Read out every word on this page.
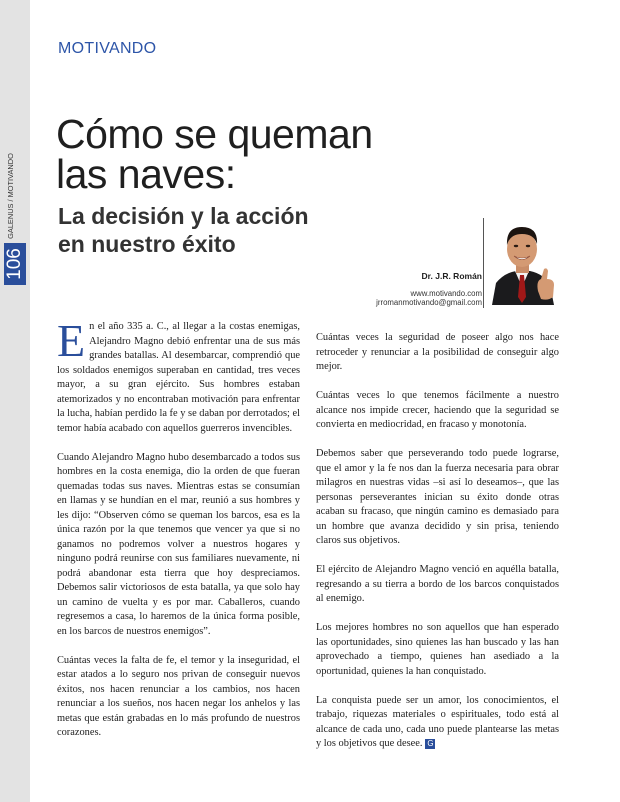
GALENUS / MOTIVANDO
106
MOTIVANDO
Cómo se queman
las naves:
La decisión y la acción
en nuestro éxito
Dr. J.R. Román
www.motivando.com
jrromanmotivando@gmail.com

En el año 335 a. C., al llegar a la costas enemigas, Alejandro Magno debió enfrentar una de sus más grandes batallas. Al desembarcar, comprendió que los soldados enemigos superaban en cantidad, tres veces mayor, a su gran ejército. Sus hombres estaban atemorizados y no encontraban motivación para enfrentar la lucha, habían perdido la fe y se daban por derrotados; el temor había acabado con aquellos guerreros invencibles.

Cuando Alejandro Magno hubo desembarcado a todos sus hombres en la costa enemiga, dio la orden de que fueran quemadas todas sus naves. Mientras estas se consumían en llamas y se hundían en el mar, reunió a sus hombres y les dijo: “Observen cómo se queman los barcos, esa es la única razón por la que tenemos que vencer ya que si no ganamos no podremos volver a nuestros hogares y ninguno podrá reunirse con sus familiares nuevamente, ni podrá abandonar esta tierra que hoy despreciamos. Debemos salir victoriosos de esta batalla, ya que solo hay un camino de vuelta y es por mar. Caballeros, cuando regresemos a casa, lo haremos de la única forma posible, en los barcos de nuestros enemigos”.

Cuántas veces la falta de fe, el temor y la inseguridad, el estar atados a lo seguro nos privan de conseguir nuevos éxitos, nos hacen renunciar a los cambios, nos hacen renunciar a los sueños, nos hacen negar los anhelos y las metas que están grabadas en lo más profundo de nuestros corazones.

Cuántas veces la seguridad de poseer algo nos hace retroceder y renunciar a la posibilidad de conseguir algo mejor.

Cuántas veces lo que tenemos fácilmente a nuestro alcance nos impide crecer, haciendo que la seguridad se convierta en mediocridad, en fracaso y monotonía.

Debemos saber que perseverando todo puede lograrse, que el amor y la fe nos dan la fuerza necesaria para obrar milagros en nuestras vidas –si así lo deseamos–, que las personas perseverantes inician su éxito donde otras acaban su fracaso, que ningún camino es demasiado para un hombre que avanza decidido y sin prisa, teniendo claros sus objetivos.

El ejército de Alejandro Magno venció en aquélla batalla, regresando a su tierra a bordo de los barcos conquistados al enemigo.

Los mejores hombres no son aquellos que han esperado las oportunidades, sino quienes las han buscado y las han aprovechado a tiempo, quienes han asediado a la oportunidad, quienes la han conquistado.

La conquista puede ser un amor, los conocimientos, el trabajo, riquezas materiales o espirituales, todo está al alcance de cada uno, cada uno puede plantearse las metas y los objetivos que desee. G
